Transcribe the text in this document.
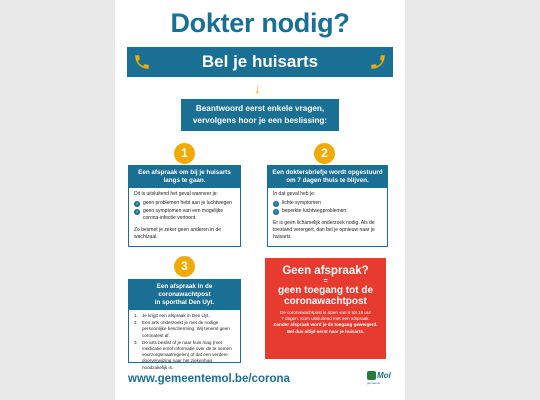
Dokter nodig?
Bel je huisarts
↓
Beantwoord eerst enkele vragen,
vervolgens hoor je een beslissing:
1
Een afspraak om bij je huisarts
langs te gaan.

Dit is uitsluitend het geval wanneer je:

✓ geen problemen hebt aan je luchtwegen
✓ geen symptomen van een mogelijke corona-infectie vertoont.

Zo besmet je zeker geen anderen in de wachtzaal.

2
Een doktersbriefje wordt opgestuurd
om 7 dagen thuis te blijven.

In dat geval heb je:

✓ lichte symptomen
✓ beperkte luchtwegproblemen

Er is geen lichamelijk onderzoek nodig. Als de toestand verergert, dan bel je opnieuw naar je huisarts.

3
Een afspraak in de coronawachtpost
in sporthal Den Uyt.
1. Je krijgt een afspraak in Den Uyt.
2. Een arts onderzoekt je met de nodige persoonlijke bescherming. Wij tenemt geen coronatest af.
3. De arts beslist of je naar huis mag (met medicatie en/of informatie over de te nemen voorzorgsmaatregelen) of dat een verdere doorverwijzing naar het ziekenhuis noodzakelijk is.
Geen afspraak?
=
geen toegang tot de
coronawachtpost
De coronawachtpost is open van 8 tot 18 uur
7 dagen. Kom uitsluitend met een afspraak.
Zonder afspraak word je de toegang geweigerd.
Bel dus altijd eerst naar je huisarts.
www.gemeentemol.be/corona	Mol
gemeente
